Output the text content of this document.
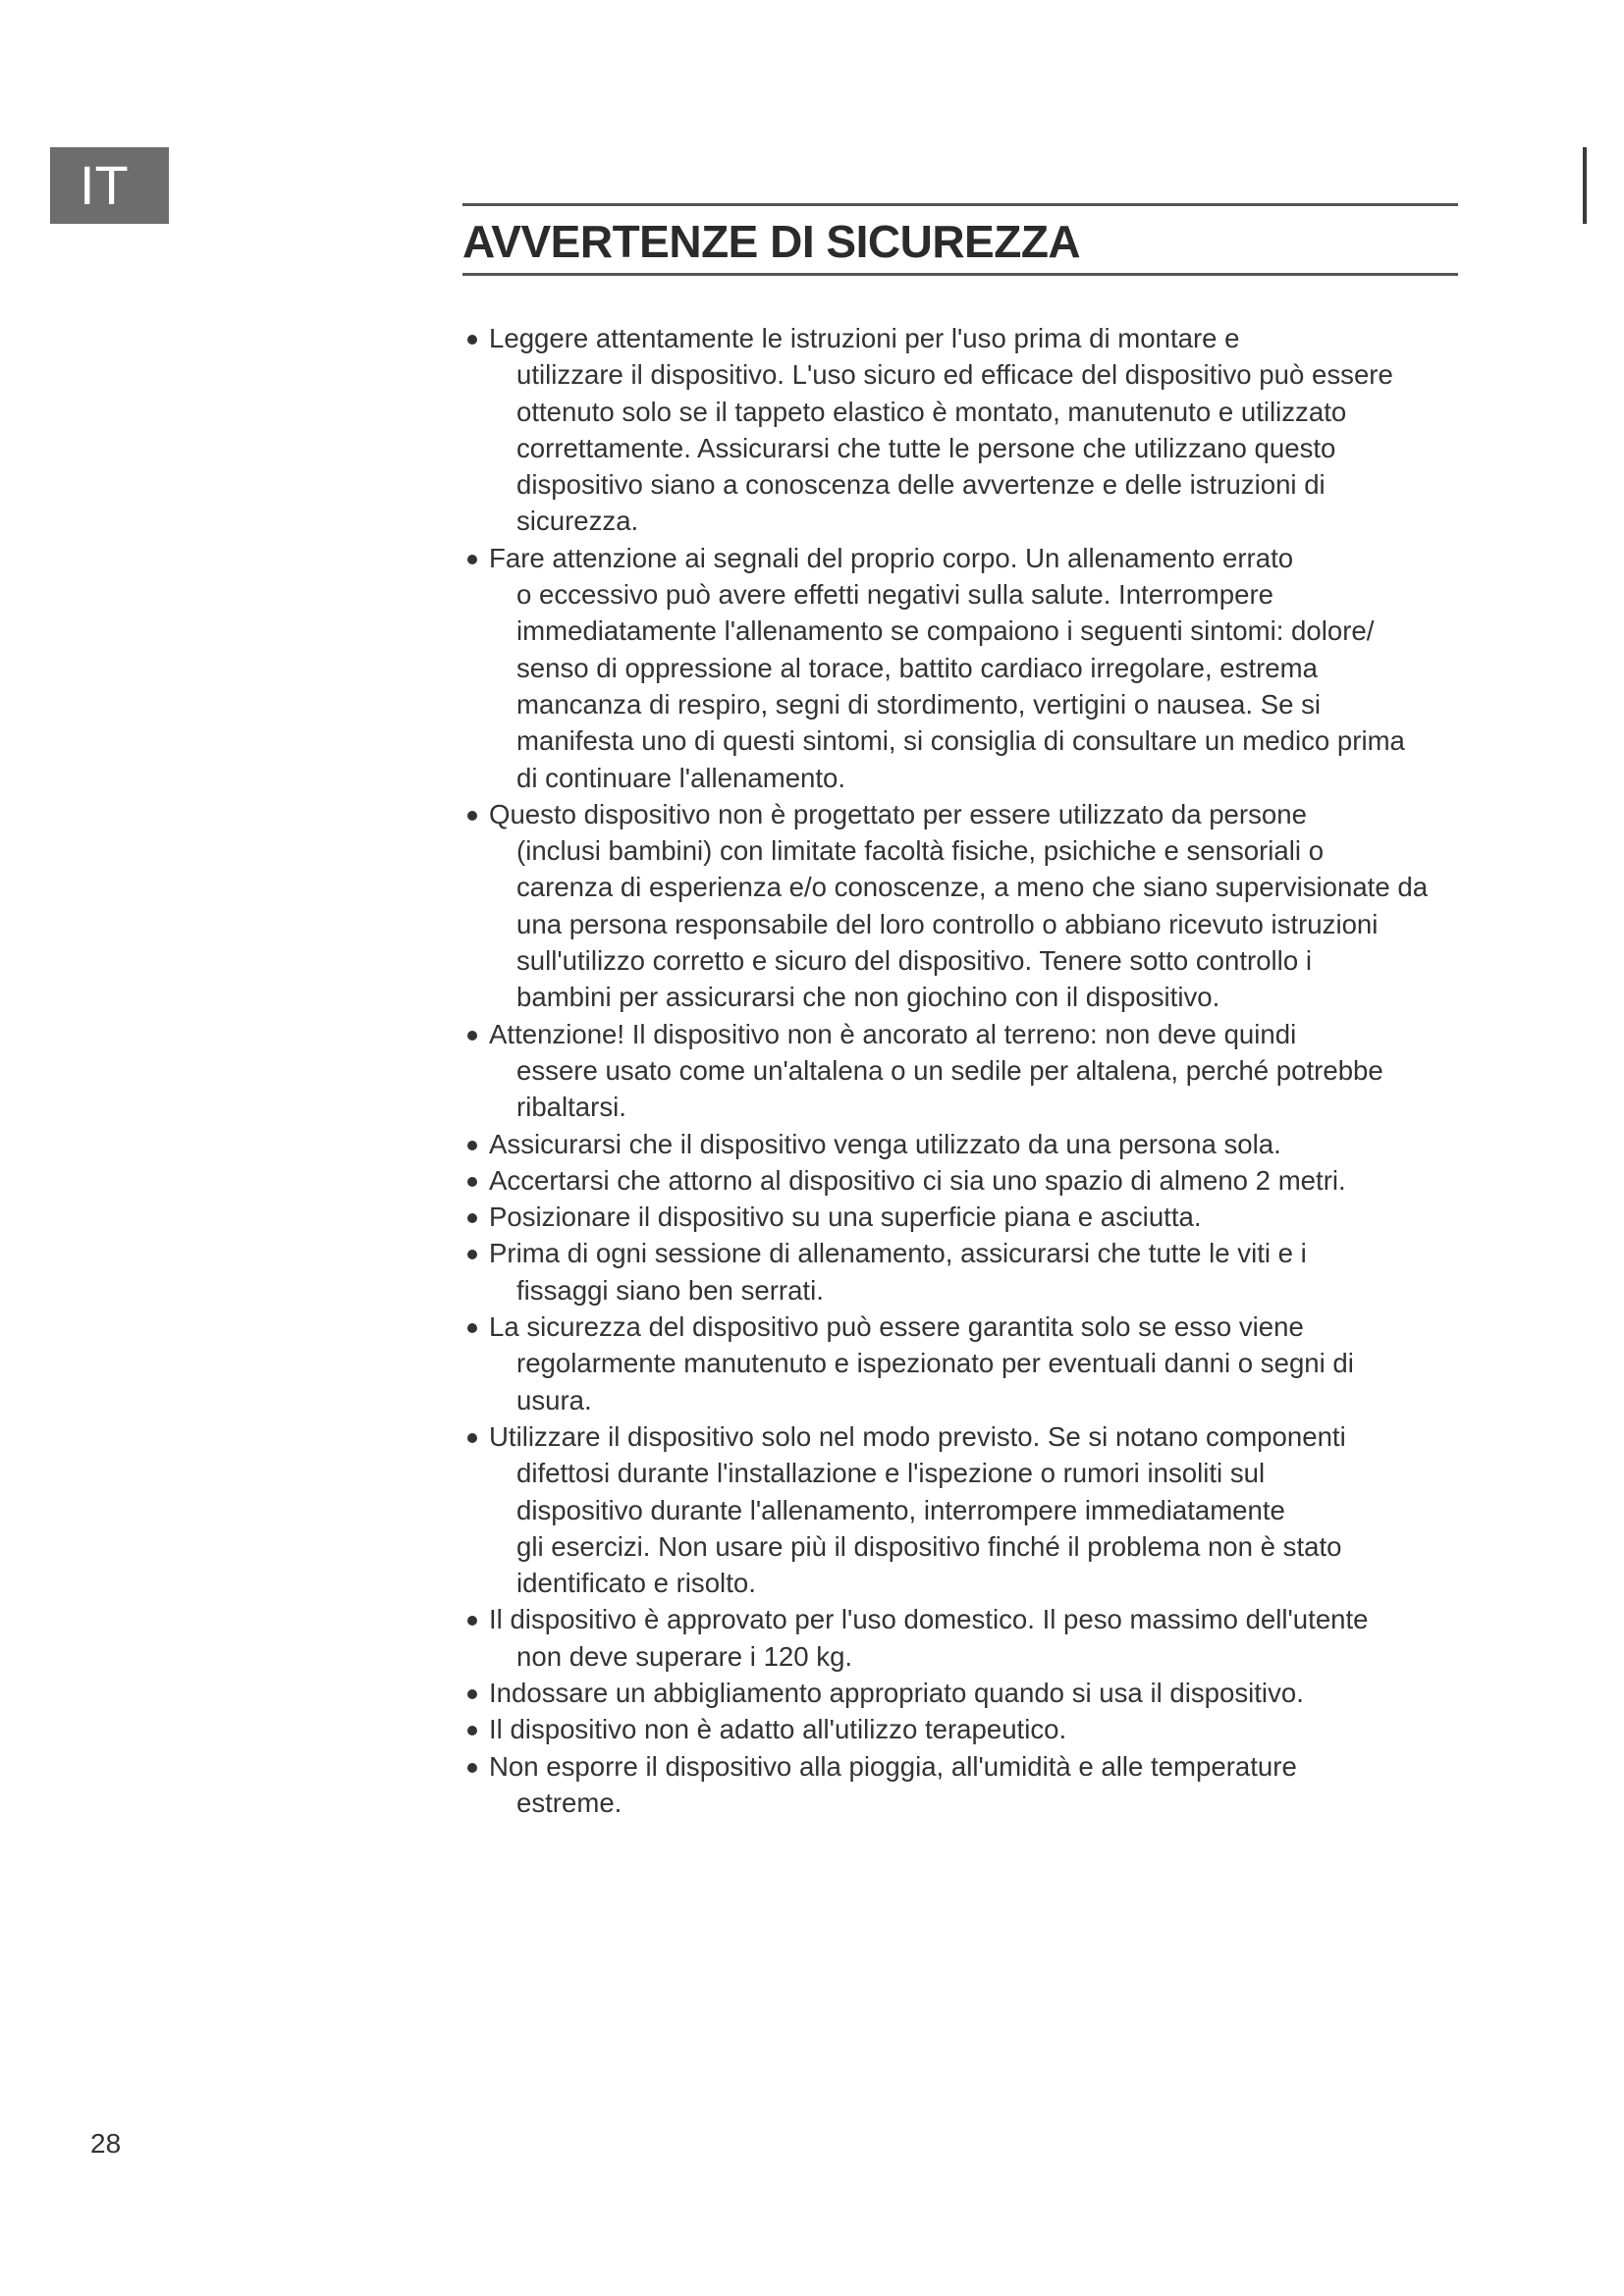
IT
AVVERTENZE DI SICUREZZA
Leggere attentamente le istruzioni per l'uso prima di montare e
utilizzare il dispositivo. L'uso sicuro ed efficace del dispositivo può essere
ottenuto solo se il tappeto elastico è montato, manutenuto e utilizzato
correttamente. Assicurarsi che tutte le persone che utilizzano questo
dispositivo siano a conoscenza delle avvertenze e delle istruzioni di
sicurezza.
Fare attenzione ai segnali del proprio corpo. Un allenamento errato
o eccessivo può avere effetti negativi sulla salute. Interrompere
immediatamente l'allenamento se compaiono i seguenti sintomi: dolore/
senso di oppressione al torace, battito cardiaco irregolare, estrema
mancanza di respiro, segni di stordimento, vertigini o nausea. Se si
manifesta uno di questi sintomi, si consiglia di consultare un medico prima
di continuare l'allenamento.
Questo dispositivo non è progettato per essere utilizzato da persone
(inclusi bambini) con limitate facoltà fisiche, psichiche e sensoriali o
carenza di esperienza e/o conoscenze, a meno che siano supervisionate da
una persona responsabile del loro controllo o abbiano ricevuto istruzioni
sull'utilizzo corretto e sicuro del dispositivo. Tenere sotto controllo i
bambini per assicurarsi che non giochino con il dispositivo.
Attenzione! Il dispositivo non è ancorato al terreno: non deve quindi
essere usato come un'altalena o un sedile per altalena, perché potrebbe
ribaltarsi.
Assicurarsi che il dispositivo venga utilizzato da una persona sola.
Accertarsi che attorno al dispositivo ci sia uno spazio di almeno 2 metri.
Posizionare il dispositivo su una superficie piana e asciutta.
Prima di ogni sessione di allenamento, assicurarsi che tutte le viti e i
fissaggi siano ben serrati.
La sicurezza del dispositivo può essere garantita solo se esso viene
regolarmente manutenuto e ispezionato per eventuali danni o segni di
usura.
Utilizzare il dispositivo solo nel modo previsto. Se si notano componenti
difettosi durante l'installazione e l'ispezione o rumori insoliti sul
dispositivo durante l'allenamento, interrompere immediatamente
gli esercizi. Non usare più il dispositivo finché il problema non è stato
identificato e risolto.
Il dispositivo è approvato per l'uso domestico. Il peso massimo dell'utente
non deve superare i 120 kg.
Indossare un abbigliamento appropriato quando si usa il dispositivo.
Il dispositivo non è adatto all'utilizzo terapeutico.
Non esporre il dispositivo alla pioggia, all'umidità e alle temperature
estreme.
28
